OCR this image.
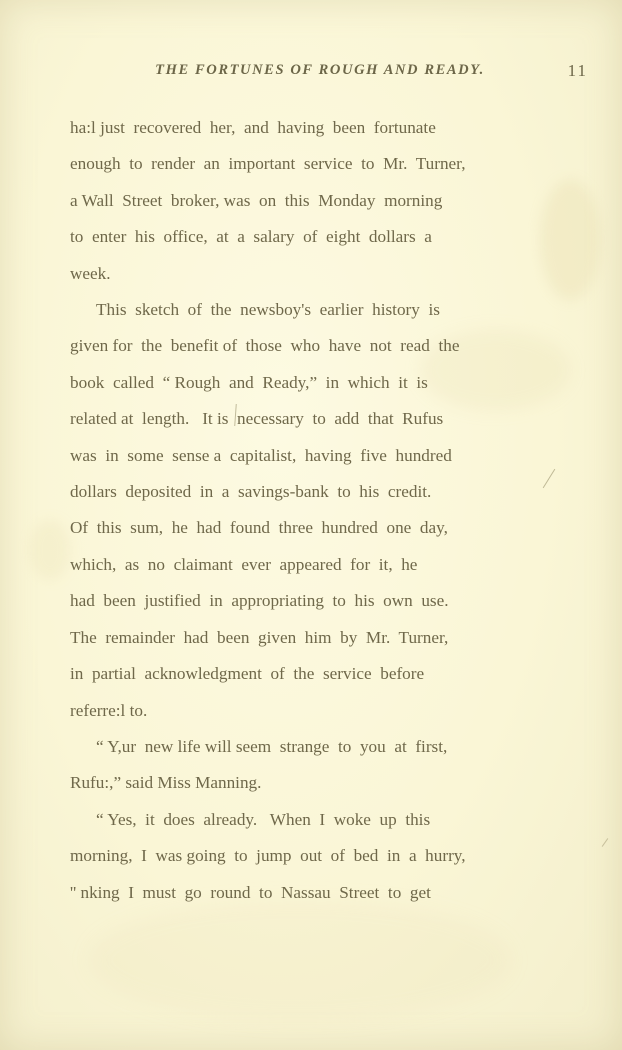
THE FORTUNES OF ROUGH AND READY.	11

ha:l just  recovered  her,  and  having  been  fortunate
enough  to  render  an  important  service  to  Mr.  Turner,
a Wall  Street  broker, was  on  this  Monday  morning
to  enter  his  office,  at  a  salary  of  eight  dollars  a
week.

This  sketch  of  the  newsboy's  earlier  history  is
given for  the  benefit of  those  who  have  not  read  the
book  called  “ Rough  and  Ready,”  in  which  it  is
related at  length.   It is  necessary  to  add  that  Rufus
was  in  some  sense a  capitalist,  having  five  hundred
dollars  deposited  in  a  savings-bank  to  his  credit.
Of  this  sum,  he  had  found  three  hundred  one  day,
which,  as  no  claimant  ever  appeared  for  it,  he
had  been  justified  in  appropriating  to  his  own  use.
The  remainder  had  been  given  him  by  Mr.  Turner,
in  partial  acknowledgment  of  the  service  before
referre:l to.

“ Y,ur  new life will seem  strange  to  you  at  first,
Rufu:,” said Miss Manning.

“ Yes,  it  does  already.   When  I  woke  up  this
morning,  I  was going  to  jump  out  of  bed  in  a  hurry,
'' nking  I  must  go  round  to  Nassau  Street  to  get
